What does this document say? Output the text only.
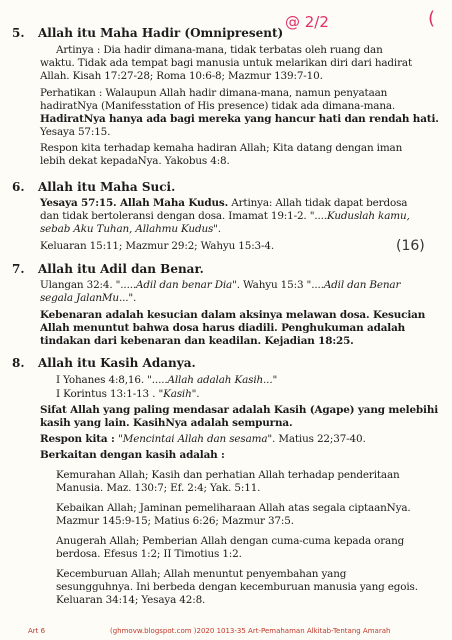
@ 2/2	(
(16)
5. Allah itu Maha Hadir (Omnipresent)
Artinya : Dia hadir dimana-mana, tidak terbatas oleh ruang dan
waktu. Tidak ada tempat bagi manusia untuk melarikan diri dari hadirat
Allah. Kisah 17:27-28; Roma 10:6-8; Mazmur 139:7-10.
Perhatikan : Walaupun Allah hadir dimana-mana, namun penyataan
hadiratNya (Manifesstation of His presence) tidak ada dimana-mana.
HadiratNya hanya ada bagi mereka yang hancur hati dan rendah hati.
Yesaya 57:15.
Respon kita terhadap kemaha hadiran Allah; Kita datang dengan iman
lebih dekat kepadaNya. Yakobus 4:8.
6. Allah itu Maha Suci.
Yesaya 57:15. Allah Maha Kudus. Artinya: Allah tidak dapat berdosa
dan tidak bertoleransi dengan dosa. Imamat 19:1-2. "....Kuduslah kamu,
sebab Aku Tuhan, Allahmu Kudus".
Keluaran 15:11; Mazmur 29:2; Wahyu 15:3-4.
7. Allah itu Adil dan Benar.
Ulangan 32:4. ".....Adil dan benar Dia". Wahyu 15:3 "....Adil dan Benar
segala JalanMu...".
Kebenaran adalah kesucian dalam aksinya melawan dosa. Kesucian
Allah menuntut bahwa dosa harus diadili. Penghukuman adalah
tindakan dari kebenaran dan keadilan. Kejadian 18:25.
8. Allah itu Kasih Adanya.
I Yohanes 4:8,16. ".....Allah adalah Kasih..."
I Korintus 13:1-13 . "Kasih".
Sifat Allah yang paling mendasar adalah Kasih (Agape) yang melebihi
kasih yang lain. KasihNya adalah sempurna.
Respon kita : "Mencintai Allah dan sesama". Matius 22;37-40.
Berkaitan dengan kasih adalah :
Kemurahan Allah; Kasih dan perhatian Allah terhadap penderitaan
Manusia. Maz. 130:7; Ef. 2:4; Yak. 5:11.
Kebaikan Allah; Jaminan pemeliharaan Allah atas segala ciptaanNya.
Mazmur 145:9-15; Matius 6:26; Mazmur 37:5.
Anugerah Allah; Pemberian Allah dengan cuma-cuma kepada orang
berdosa. Efesus 1:2; II Timotius 1:2.
Kecemburuan Allah; Allah menuntut penyembahan yang
sesungguhnya. Ini berbeda dengan kecemburuan manusia yang egois.
Keluaran 34:14; Yesaya 42:8.
Art 6	(ghmovw.blogspot.com )2020 1013-35 Art-Pemahaman Alkitab-Tentang Amarah
